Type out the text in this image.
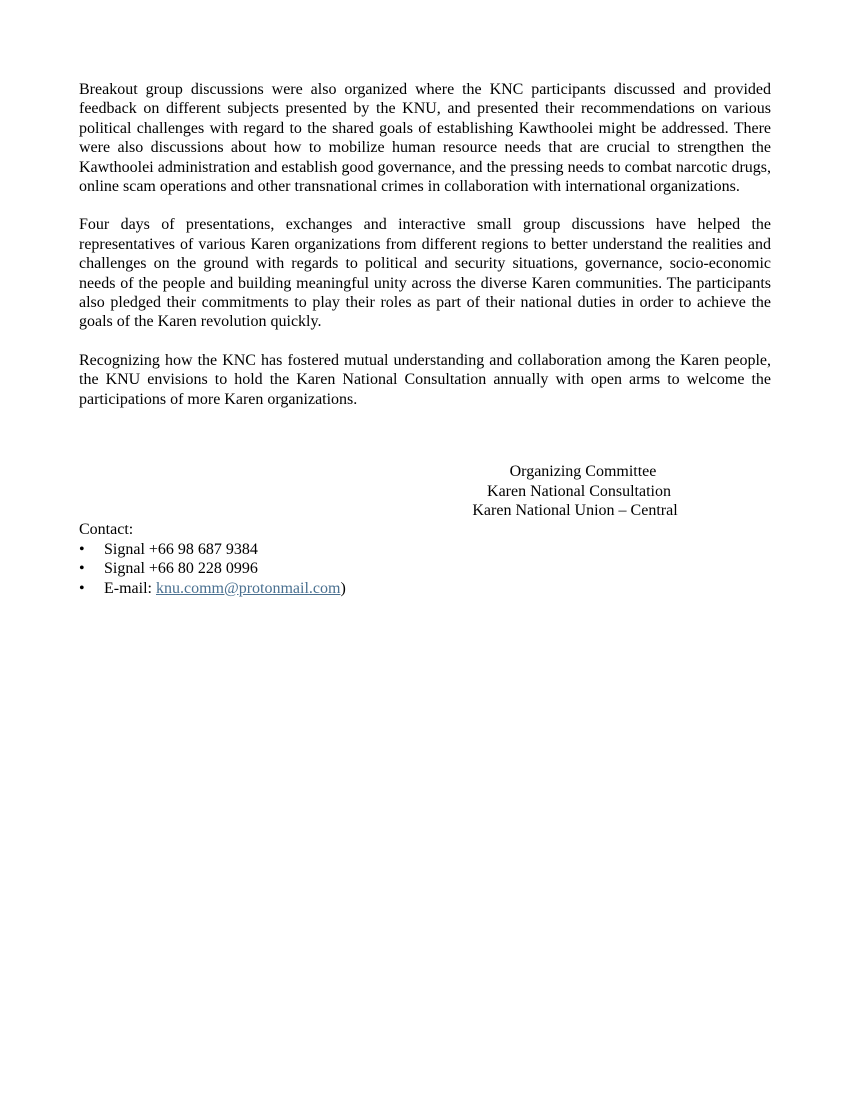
Breakout group discussions were also organized where the KNC participants discussed and provided feedback on different subjects presented by the KNU, and presented their recommendations on various political challenges with regard to the shared goals of establishing Kawthoolei might be addressed. There were also discussions about how to mobilize human resource needs that are crucial to strengthen the Kawthoolei administration and establish good governance, and the pressing needs to combat narcotic drugs, online scam operations and other transnational crimes in collaboration with international organizations.

Four days of presentations, exchanges and interactive small group discussions have helped the representatives of various Karen organizations from different regions to better understand the realities and challenges on the ground with regards to political and security situations, governance, socio-economic needs of the people and building meaningful unity across the diverse Karen communities. The participants also pledged their commitments to play their roles as part of their national duties in order to achieve the goals of the Karen revolution quickly.

Recognizing how the KNC has fostered mutual understanding and collaboration among the Karen people, the KNU envisions to hold the Karen National Consultation annually with open arms to welcome the participations of more Karen organizations.

Organizing Committee
Karen National Consultation
Karen National Union – Central
Contact:
• Signal +66 98 687 9384
• Signal +66 80 228 0996
• E-mail: knu.comm@protonmail.com)
